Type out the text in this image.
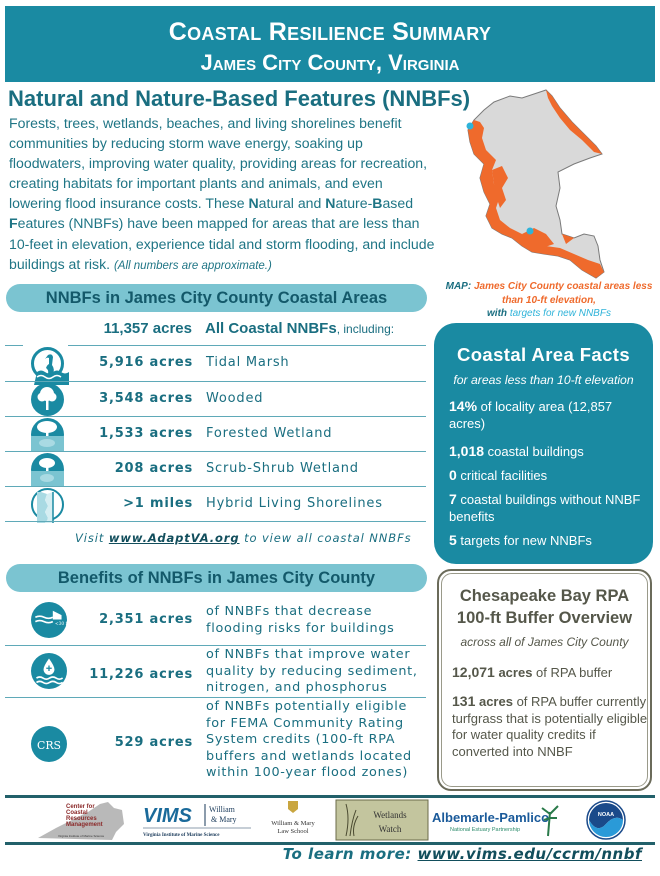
Coastal Resilience Summary
James City County, Virginia
Natural and Nature-Based Features (NNBFs)
Forests, trees, wetlands, beaches, and living shorelines benefit communities by reducing storm wave energy, soaking up floodwaters, improving water quality, providing areas for recreation, creating habitats for important plants and animals, and even lowering flood insurance costs. These Natural and Nature-Based Features (NNBFs) have been mapped for areas that are less than 10-feet in elevation, experience tidal and storm flooding, and include buildings at risk. (All numbers are approximate.)
MAP: James City County coastal areas less than 10-ft elevation,
with targets for new NNBFs
NNBFs in James City County Coastal Areas
11,357 acres All Coastal NNBFs, including:
5,916 acres Tidal Marsh
3,548 acres Wooded
1,533 acres Forested Wetland
208 acres Scrub-Shrub Wetland
>1 miles Hybrid Living Shorelines
Visit www.AdaptVA.org to view all coastal NNBFs
Benefits of NNBFs in James City County
<30 ft. 2,351 acres
of NNBFs that decrease flooding risks for buildings
11,226 acres
of NNBFs that improve water quality by reducing sediment, nitrogen, and phosphorus
CRS	529 acres
of NNBFs potentially eligible for FEMA Community Rating System credits (100-ft RPA buffers and wetlands located within 100-year flood zones)
Coastal Area Facts
for areas less than 10-ft elevation
14% of locality area (12,857 acres)
1,018 coastal buildings
0 critical facilities
7 coastal buildings without NNBF benefits
5 targets for new NNBFs
Chesapeake Bay RPA
100-ft Buffer Overview
across all of James City County
12,071 acres of RPA buffer
131 acres of RPA buffer currently turfgrass that is potentially eligible for water quality credits if converted into NNBF
Center for
Coastal
Resources
Management
Virginia Institute of Marine Science
VIMS William
& Mary
Virginia Institute of Marine Science
William & Mary
Law School
Wetlands
Watch
Albemarle-Pamlico
National Estuary Partnership
NOAA
To learn more: www.vims.edu/ccrm/nnbf
